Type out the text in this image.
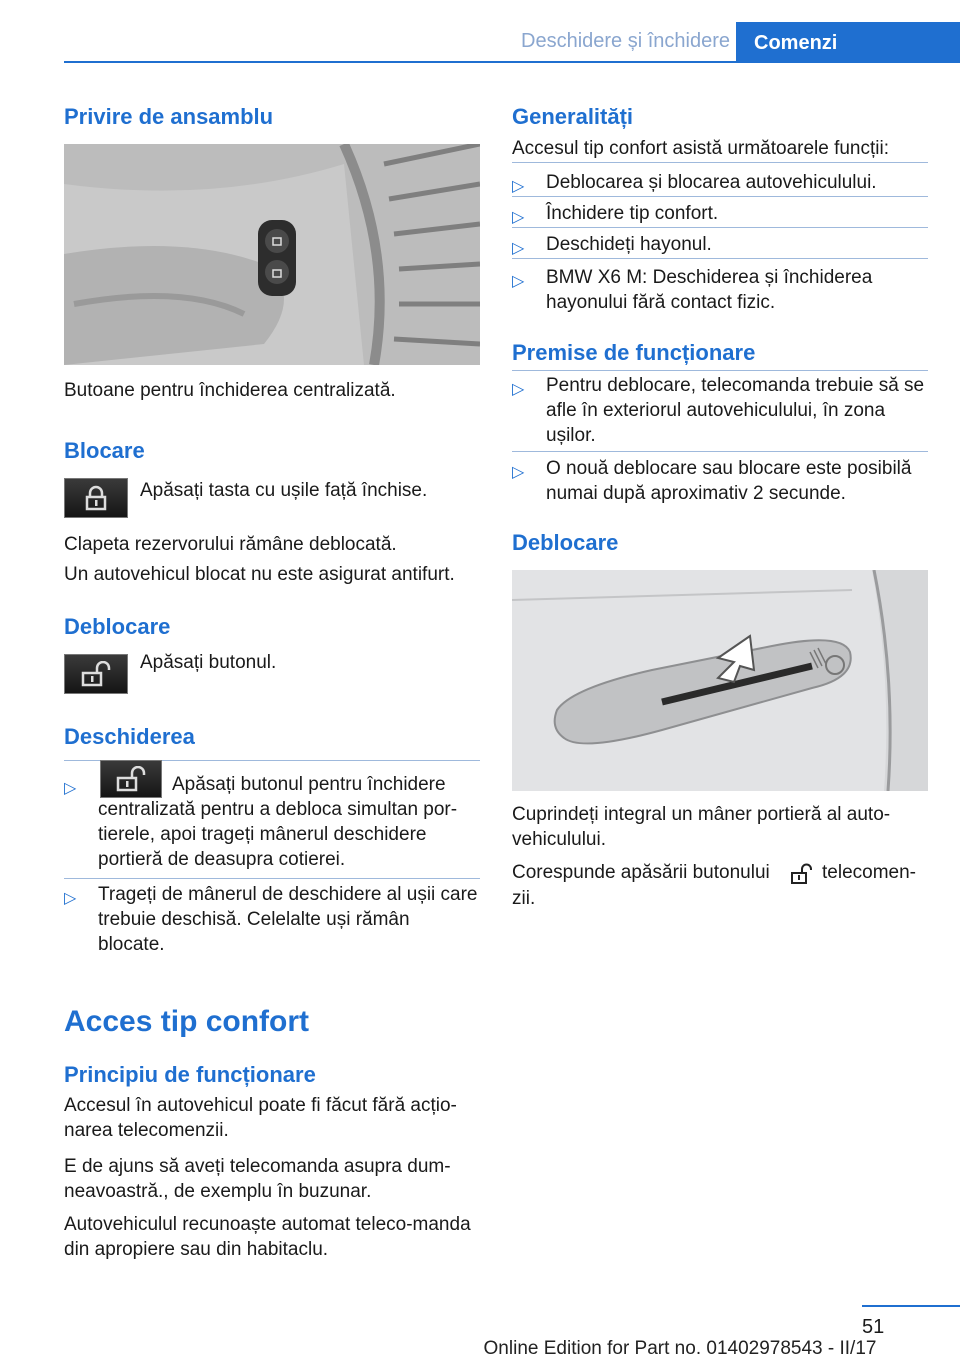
Deschidere și închidere	Comenzi
Privire de ansamblu
Butoane pentru închiderea centralizată.
Blocare
Apăsați tasta cu ușile față închise.
Clapeta rezervorului rămâne deblocată.
Un autovehicul blocat nu este asigurat antifurt.
Deblocare
Apăsați butonul.
Deschiderea
▷	Apăsați butonul pentru închidere centralizată pentru a debloca simultan por-tierele, apoi trageți mânerul deschidere portieră de deasupra cotierei.
▷ Trageți de mânerul de deschidere al ușii care trebuie deschisă. Celelalte uși rămân blocate.
Acces tip confort
Principiu de funcționare
Accesul în autovehicul poate fi făcut fără acțio-narea telecomenzii.
E de ajuns să aveți telecomanda asupra dum-neavoastră., de exemplu în buzunar.
Autovehiculul recunoaște automat teleco-manda din apropiere sau din habitaclu.
Generalități
Accesul tip confort asistă următoarele funcții:
▷ Deblocarea și blocarea autovehiculului.
▷ Închidere tip confort.
▷ Deschideți hayonul.
▷ BMW X6 M: Deschiderea și închiderea hayonului fără contact fizic.
Premise de funcționare
▷ Pentru deblocare, telecomanda trebuie să se afle în exteriorul autovehiculului, în zona ușilor.
▷ O nouă deblocare sau blocare este posibilă numai după aproximativ 2 secunde.
Deblocare
Cuprindeți integral un mâner portieră al auto-vehiculului.
Corespunde apăsării butonului	telecomen-
zii.
51
Online Edition for Part no. 01402978543 - II/17
